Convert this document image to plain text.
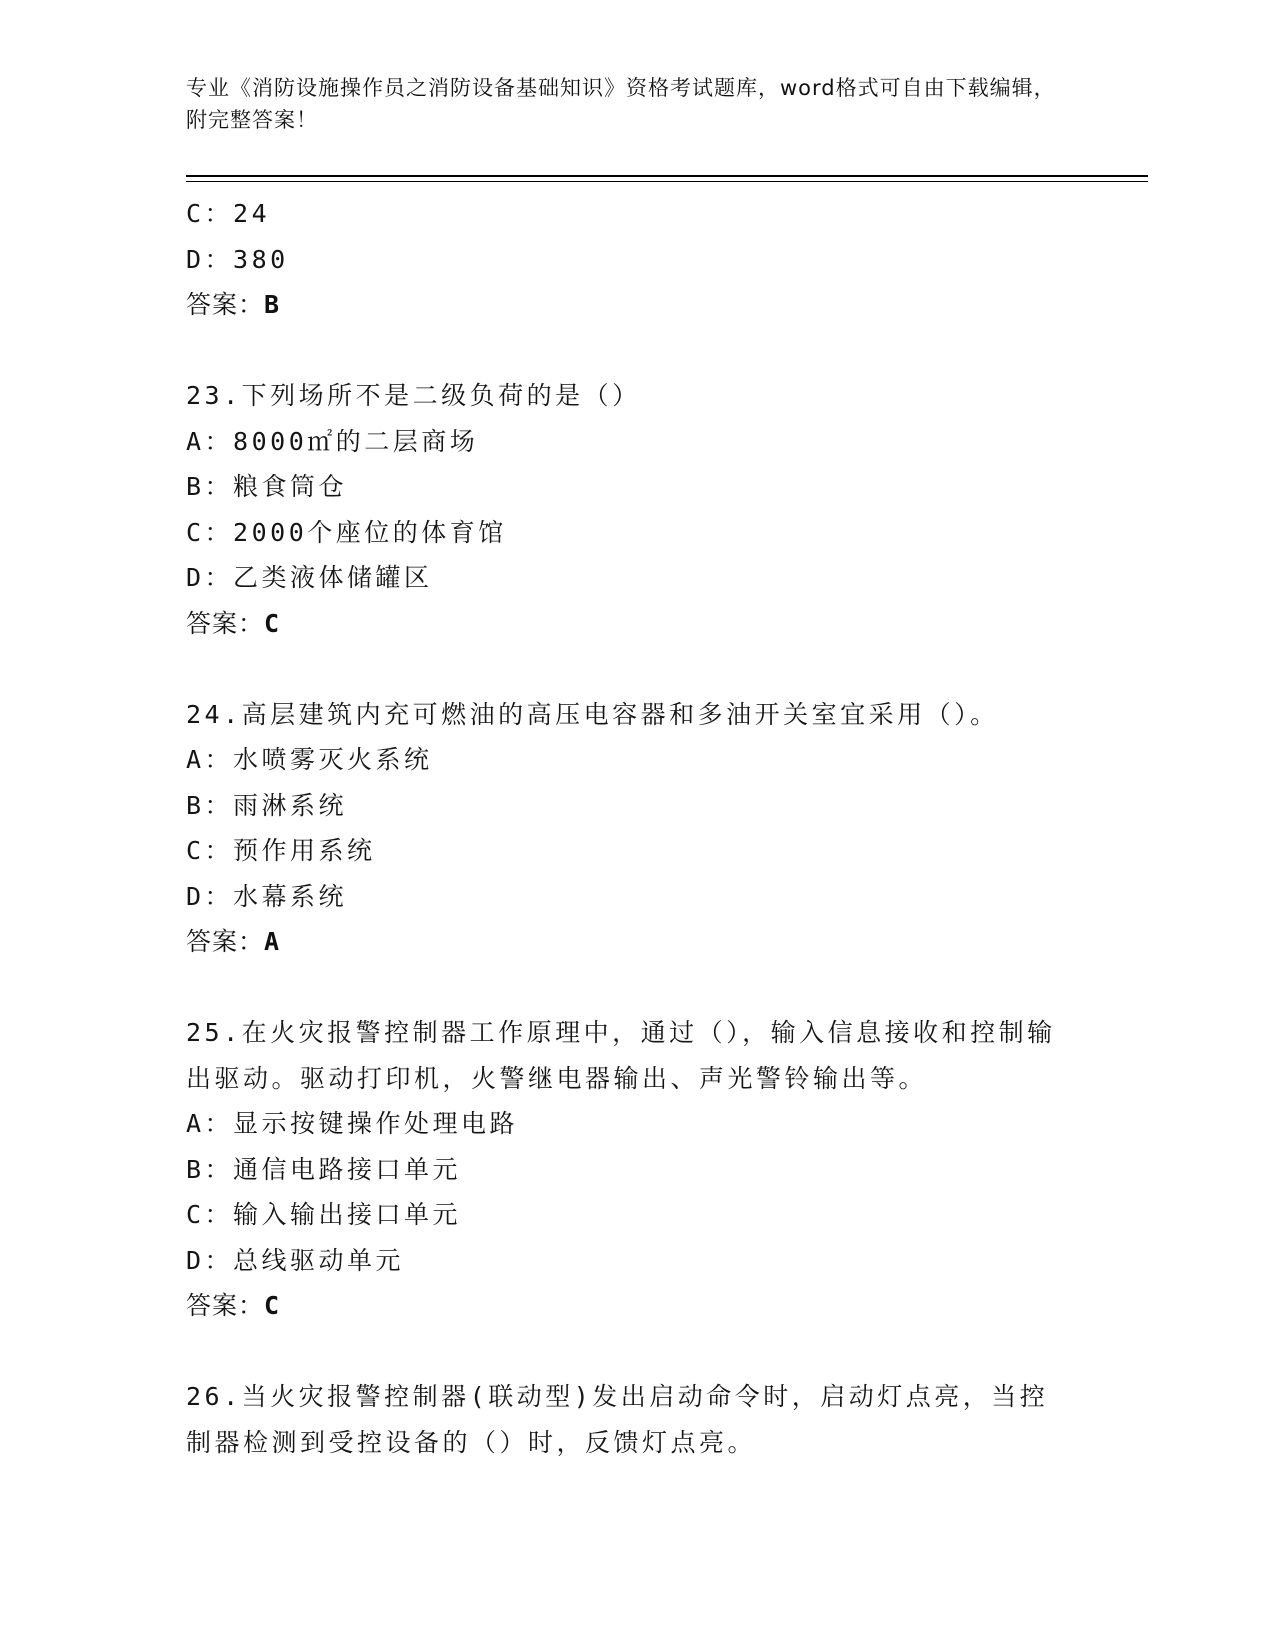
专业《消防设施操作员之消防设备基础知识》资格考试题库，word格式可自由下载编辑，附完整答案！
C：24
D：380
答案：B
23.下列场所不是二级负荷的是（）
A：8000㎡的二层商场
B：粮食筒仓
C：2000个座位的体育馆
D：乙类液体储罐区
答案：C
24.高层建筑内充可燃油的高压电容器和多油开关室宜采用（）。
A：水喷雾灭火系统
B：雨淋系统
C：预作用系统
D：水幕系统
答案：A
25.在火灾报警控制器工作原理中，通过（），输入信息接收和控制输出驱动。驱动打印机，火警继电器输出、声光警铃输出等。
A：显示按键操作处理电路
B：通信电路接口单元
C：输入输出接口单元
D：总线驱动单元
答案：C
26.当火灾报警控制器(联动型)发出启动命令时，启动灯点亮，当控制器检测到受控设备的（）时，反馈灯点亮。
